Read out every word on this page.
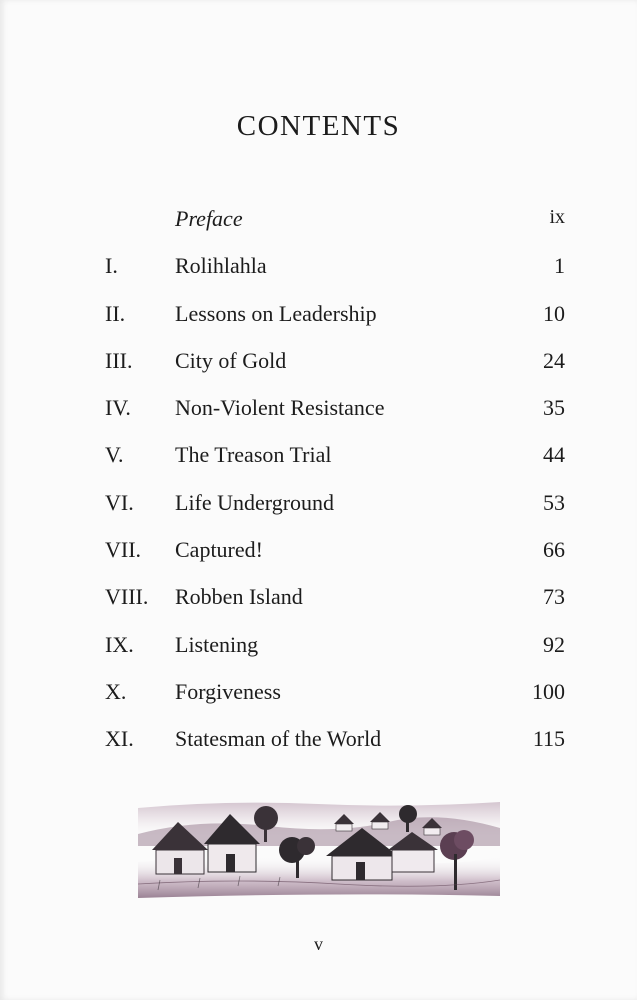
CONTENTS
Preface	ix
I.	Rolihlahla	1
II. Lessons on Leadership	10
III. City of Gold	24
IV. Non-Violent Resistance	35
V. The Treason Trial	44
VI. Life Underground	53
VII. Captured!	66
VIII. Robben Island	73
IX. Listening	92
X. Forgiveness	100
XI. Statesman of the World	115
v
